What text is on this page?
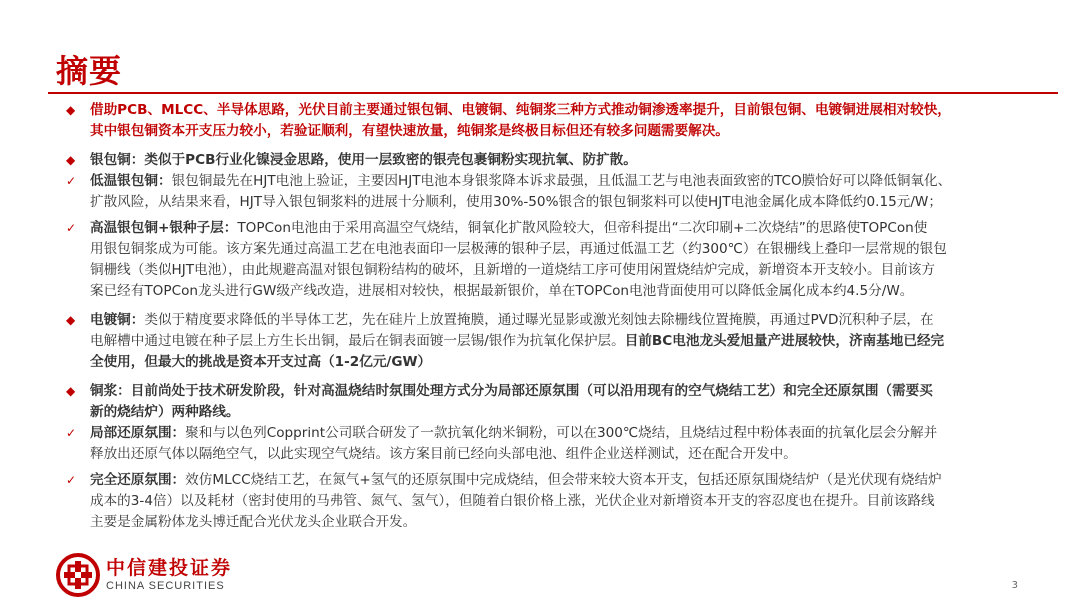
摘要
◆ 借助PCB、MLCC、半导体思路，光伏目前主要通过银包铜、电镀铜、纯铜浆三种方式推动铜渗透率提升，目前银包铜、电镀铜进展相对较快，
其中银包铜资本开支压力较小，若验证顺利，有望快速放量，纯铜浆是终极目标但还有较多问题需要解决。
◆ 银包铜：类似于PCB行业化镍浸金思路，使用一层致密的银壳包裹铜粉实现抗氧、防扩散。
✓ 低温银包铜：银包铜最先在HJT电池上验证，主要因HJT电池本身银浆降本诉求最强，且低温工艺与电池表面致密的TCO膜恰好可以降低铜氧化、
扩散风险，从结果来看，HJT导入银包铜浆料的进展十分顺利，使用30%-50%银含的银包铜浆料可以使HJT电池金属化成本降低约0.15元/W；
✓ 高温银包铜+银种子层：TOPCon电池由于采用高温空气烧结，铜氧化扩散风险较大，但帝科提出“二次印刷+二次烧结”的思路使TOPCon使
用银包铜浆成为可能。该方案先通过高温工艺在电池表面印一层极薄的银种子层，再通过低温工艺（约300℃）在银栅线上叠印一层常规的银包
铜栅线（类似HJT电池），由此规避高温对银包铜粉结构的破坏，且新增的一道烧结工序可使用闲置烧结炉完成，新增资本开支较小。目前该方
案已经有TOPCon龙头进行GW级产线改造，进展相对较快，根据最新银价，单在TOPCon电池背面使用可以降低金属化成本约4.5分/W。
◆ 电镀铜：类似于精度要求降低的半导体工艺，先在硅片上放置掩膜，通过曝光显影或激光刻蚀去除栅线位置掩膜，再通过PVD沉积种子层，在
电解槽中通过电镀在种子层上方生长出铜，最后在铜表面镀一层锡/银作为抗氧化保护层。目前BC电池龙头爱旭量产进展较快，济南基地已经完
全使用，但最大的挑战是资本开支过高（1-2亿元/GW）
◆ 铜浆：目前尚处于技术研发阶段，针对高温烧结时氛围处理方式分为局部还原氛围（可以沿用现有的空气烧结工艺）和完全还原氛围（需要买
新的烧结炉）两种路线。
✓ 局部还原氛围：聚和与以色列Copprint公司联合研发了一款抗氧化纳米铜粉，可以在300℃烧结，且烧结过程中粉体表面的抗氧化层会分解并
释放出还原气体以隔绝空气，以此实现空气烧结。该方案目前已经向头部电池、组件企业送样测试，还在配合开发中。
✓ 完全还原氛围：效仿MLCC烧结工艺，在氮气+氢气的还原氛围中完成烧结，但会带来较大资本开支，包括还原氛围烧结炉（是光伏现有烧结炉
成本的3-4倍）以及耗材（密封使用的马弗管、氮气、氢气），但随着白银价格上涨，光伏企业对新增资本开支的容忍度也在提升。目前该路线
主要是金属粉体龙头博迁配合光伏龙头企业联合开发。
中信建投证券
CHINA SECURITIES	3
